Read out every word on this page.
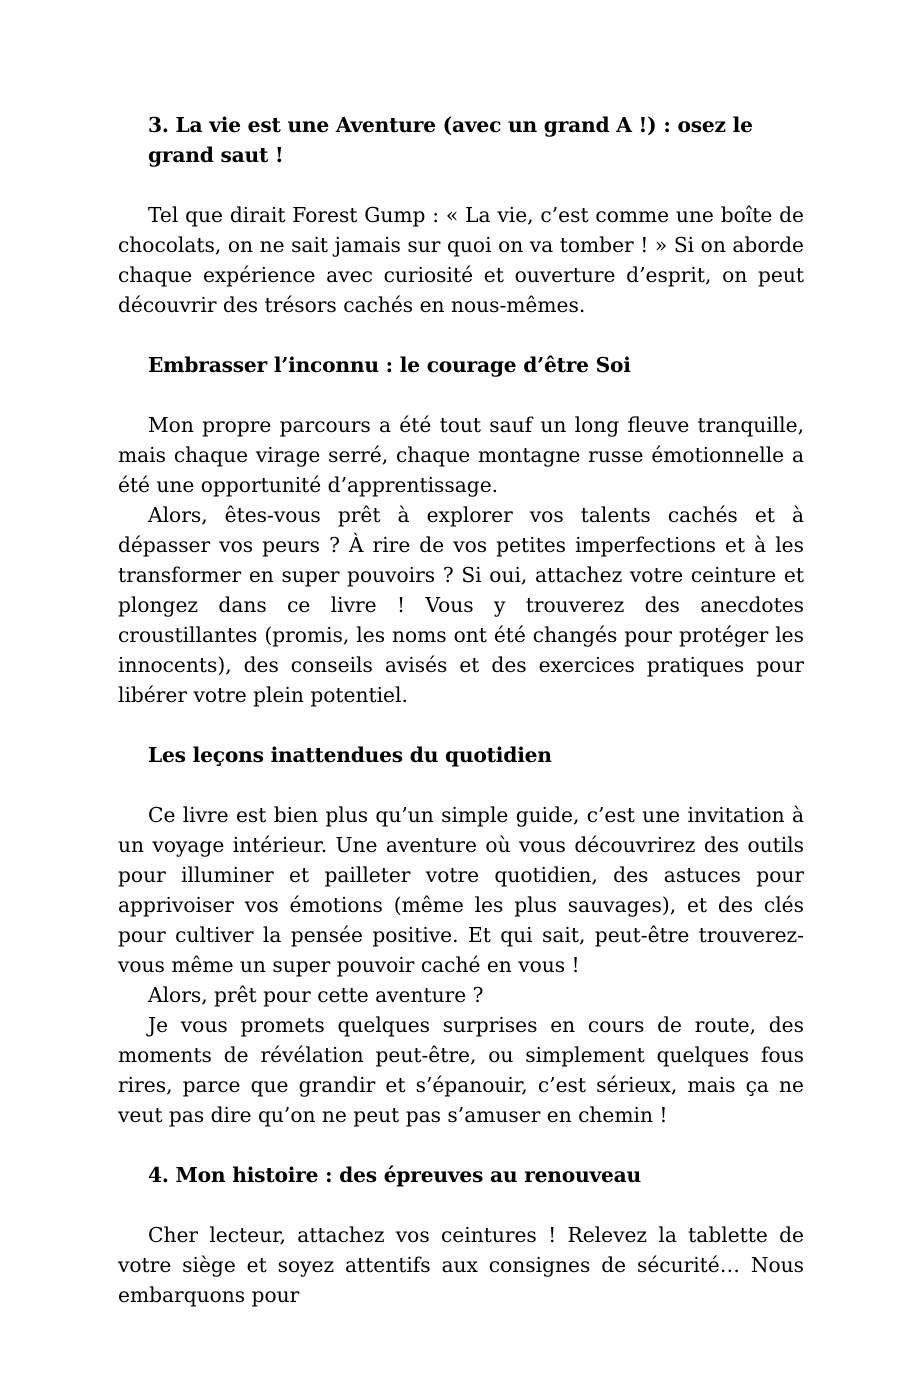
3. La vie est une Aventure (avec un grand A !) : osez le grand saut !

Tel que dirait Forest Gump : « La vie, c’est comme une boîte de chocolats, on ne sait jamais sur quoi on va tomber ! » Si on aborde chaque expérience avec curiosité et ouverture d’esprit, on peut découvrir des trésors cachés en nous-mêmes.

Embrasser l’inconnu : le courage d’être Soi

Mon propre parcours a été tout sauf un long fleuve tranquille, mais chaque virage serré, chaque montagne russe émotionnelle a été une opportunité d’apprentissage.

Alors, êtes-vous prêt à explorer vos talents cachés et à dépasser vos peurs ? À rire de vos petites imperfections et à les transformer en super pouvoirs ? Si oui, attachez votre ceinture et plongez dans ce livre ! Vous y trouverez des anecdotes croustillantes (promis, les noms ont été changés pour protéger les innocents), des conseils avisés et des exercices pratiques pour libérer votre plein potentiel.

Les leçons inattendues du quotidien

Ce livre est bien plus qu’un simple guide, c’est une invitation à un voyage intérieur. Une aventure où vous découvrirez des outils pour illuminer et pailleter votre quotidien, des astuces pour apprivoiser vos émotions (même les plus sauvages), et des clés pour cultiver la pensée positive. Et qui sait, peut-être trouverez-vous même un super pouvoir caché en vous !

Alors, prêt pour cette aventure ?

Je vous promets quelques surprises en cours de route, des moments de révélation peut-être, ou simplement quelques fous rires, parce que grandir et s’épanouir, c’est sérieux, mais ça ne veut pas dire qu’on ne peut pas s’amuser en chemin !

4. Mon histoire : des épreuves au renouveau

Cher lecteur, attachez vos ceintures ! Relevez la tablette de votre siège et soyez attentifs aux consignes de sécurité… Nous embarquons pour
